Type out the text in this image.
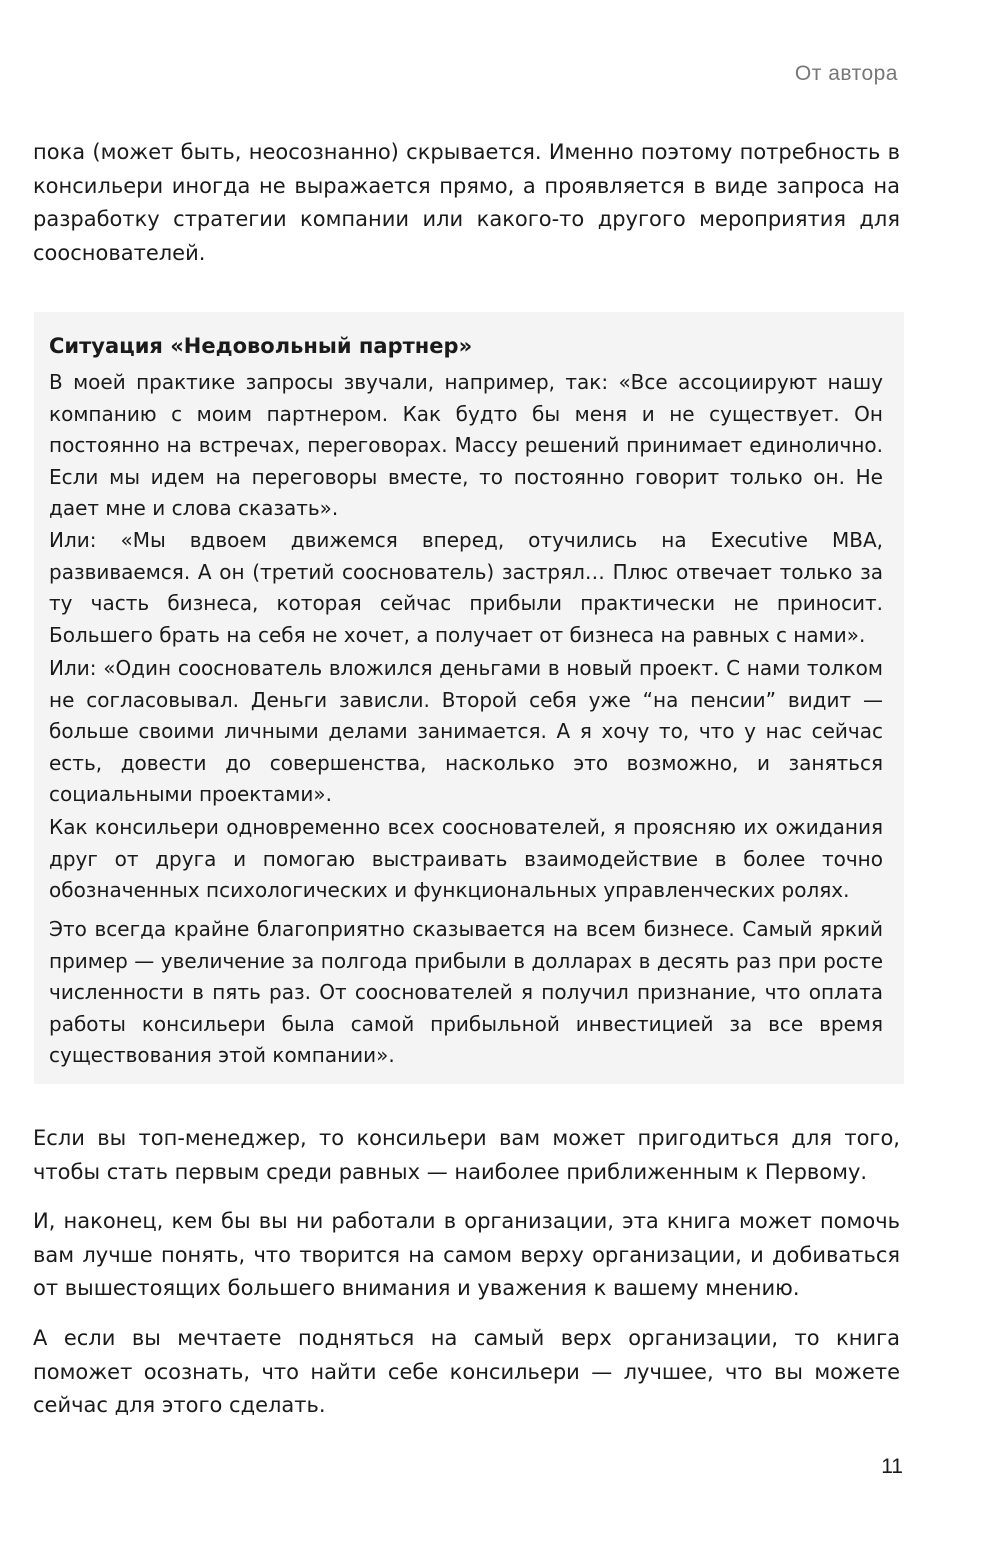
От автора

пока (может быть, неосознанно) скрывается. Именно поэтому потребность в консильери иногда не выражается прямо, а проявляется в виде запроса на разработку стратегии компании или какого-то другого мероприятия для сооснователей.

Ситуация «Недовольный партнер»

В моей практике запросы звучали, например, так: «Все ассоциируют нашу компанию с моим партнером. Как будто бы меня и не существует. Он постоянно на встречах, переговорах. Массу решений принимает единолично. Если мы идем на переговоры вместе, то постоянно говорит только он. Не дает мне и слова сказать».

Или: «Мы вдвоем движемся вперед, отучились на Executive MBA, развиваемся. А он (третий сооснователь) застрял… Плюс отвечает только за ту часть бизнеса, которая сейчас прибыли практически не приносит. Большего брать на себя не хочет, а получает от бизнеса на равных с нами».

Или: «Один сооснователь вложился деньгами в новый проект. С нами толком не согласовывал. Деньги зависли. Второй себя уже “на пенсии” видит — больше своими личными делами занимается. А я хочу то, что у нас сейчас есть, довести до совершенства, насколько это возможно, и заняться социальными проектами».

Как консильери одновременно всех сооснователей, я проясняю их ожидания друг от друга и помогаю выстраивать взаимодействие в более точно обозначенных психологических и функциональных управленческих ролях.

Это всегда крайне благоприятно сказывается на всем бизнесе. Самый яркий пример — увеличение за полгода прибыли в долларах в десять раз при росте численности в пять раз. От сооснователей я получил признание, что оплата работы консильери была самой прибыльной инвестицией за все время существования этой компании».

Если вы топ-менеджер, то консильери вам может пригодиться для того, чтобы стать первым среди равных — наиболее приближенным к Первому.

И, наконец, кем бы вы ни работали в организации, эта книга может помочь вам лучше понять, что творится на самом верху организации, и добиваться от вышестоящих большего внимания и уважения к вашему мнению.

А если вы мечтаете подняться на самый верх организации, то книга поможет осознать, что найти себе консильери — лучшее, что вы можете сейчас для этого сделать.

11
